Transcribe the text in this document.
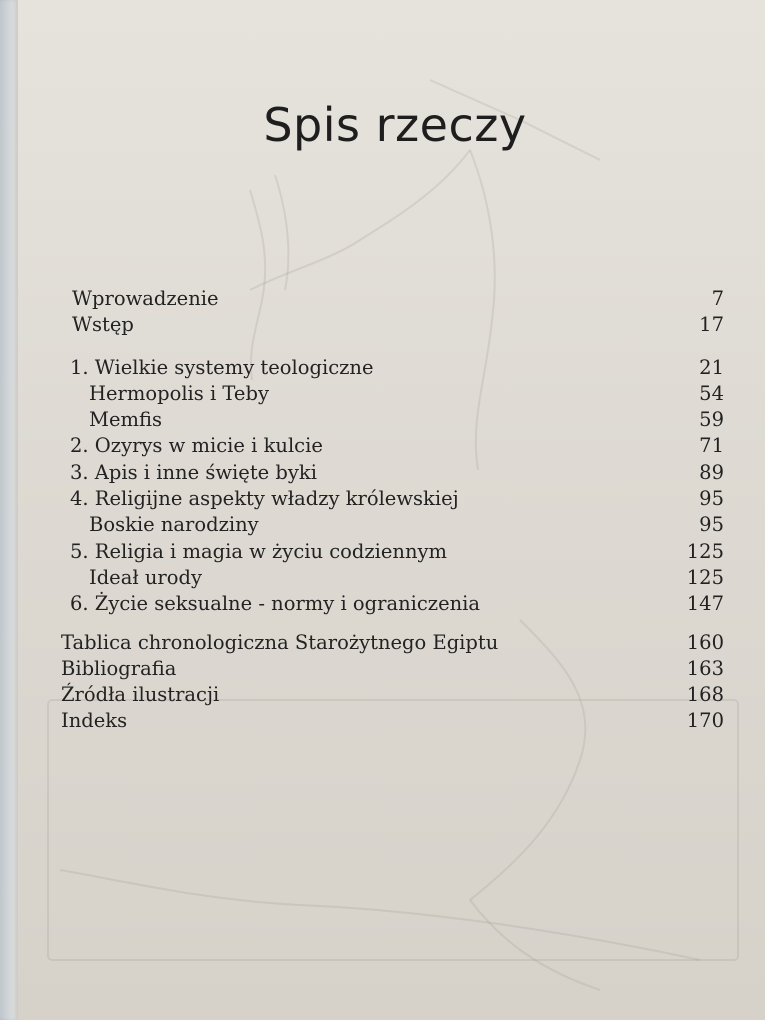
Spis rzeczy
Wprowadzenie	7
Wstęp	17
1. Wielkie systemy teologiczne	21
Hermopolis i Teby	54
Memfis	59
2. Ozyrys w micie i kulcie	71
3. Apis i inne święte byki	89
4. Religijne aspekty władzy królewskiej	95
Boskie narodziny	95
5. Religia i magia w życiu codziennym	125
Ideał urody	125
6. Życie seksualne - normy i ograniczenia	147
Tablica chronologiczna Starożytnego Egiptu	160
Bibliografia	163
Źródła ilustracji	168
Indeks	170
